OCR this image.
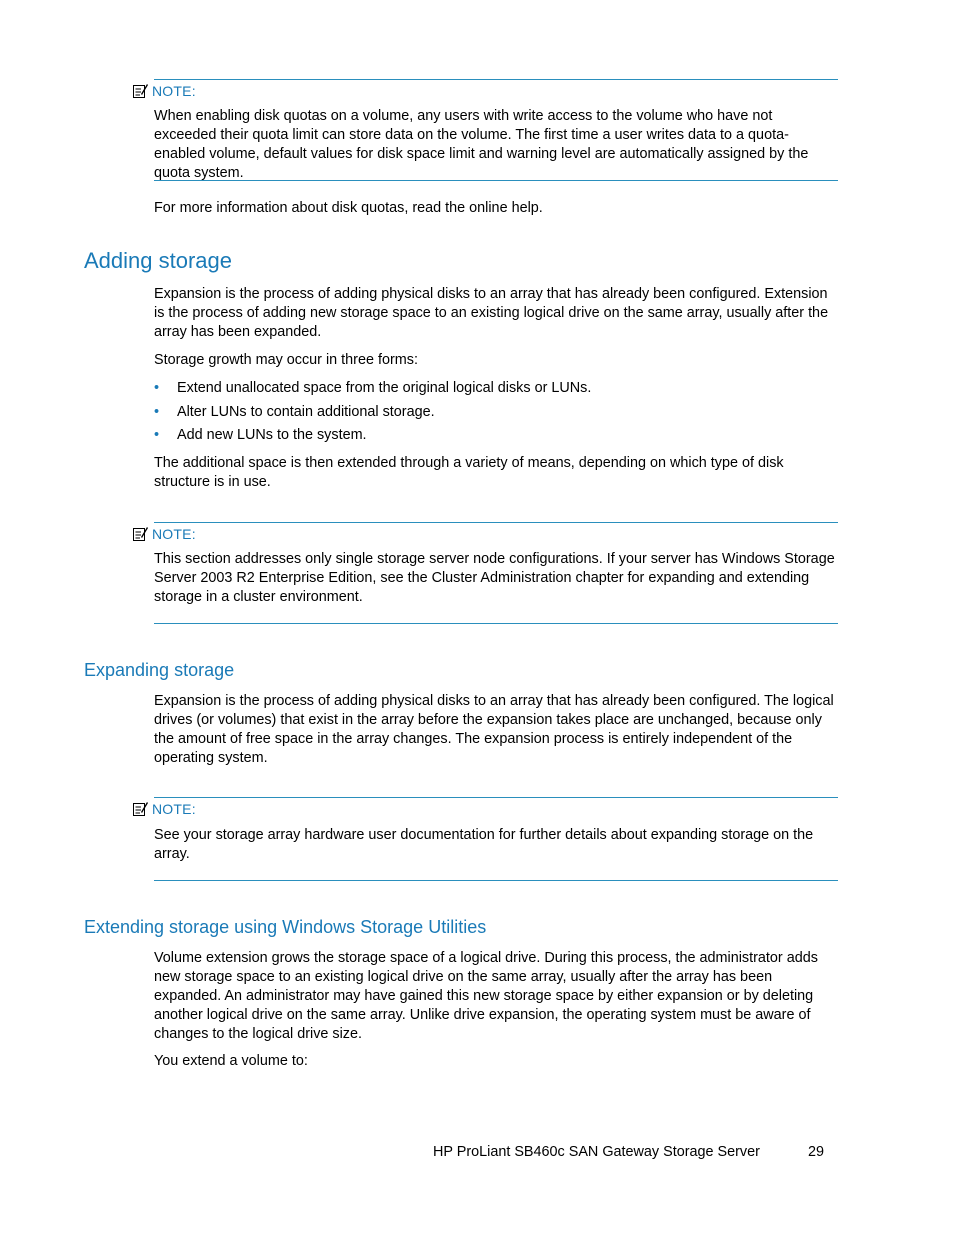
NOTE:
When enabling disk quotas on a volume, any users with write access to the volume who have not exceeded their quota limit can store data on the volume. The first time a user writes data to a quota-enabled volume, default values for disk space limit and warning level are automatically assigned by the quota system.
For more information about disk quotas, read the online help.
Adding storage
Expansion is the process of adding physical disks to an array that has already been configured. Extension is the process of adding new storage space to an existing logical drive on the same array, usually after the array has been expanded.
Storage growth may occur in three forms:
• Extend unallocated space from the original logical disks or LUNs.
• Alter LUNs to contain additional storage.
• Add new LUNs to the system.
The additional space is then extended through a variety of means, depending on which type of disk structure is in use.
NOTE:
This section addresses only single storage server node configurations. If your server has Windows Storage Server 2003 R2 Enterprise Edition, see the Cluster Administration chapter for expanding and extending storage in a cluster environment.
Expanding storage
Expansion is the process of adding physical disks to an array that has already been configured. The logical drives (or volumes) that exist in the array before the expansion takes place are unchanged, because only the amount of free space in the array changes. The expansion process is entirely independent of the operating system.
NOTE:
See your storage array hardware user documentation for further details about expanding storage on the array.
Extending storage using Windows Storage Utilities
Volume extension grows the storage space of a logical drive. During this process, the administrator adds new storage space to an existing logical drive on the same array, usually after the array has been expanded. An administrator may have gained this new storage space by either expansion or by deleting another logical drive on the same array. Unlike drive expansion, the operating system must be aware of changes to the logical drive size.
You extend a volume to:
HP ProLiant SB460c SAN Gateway Storage Server	29
